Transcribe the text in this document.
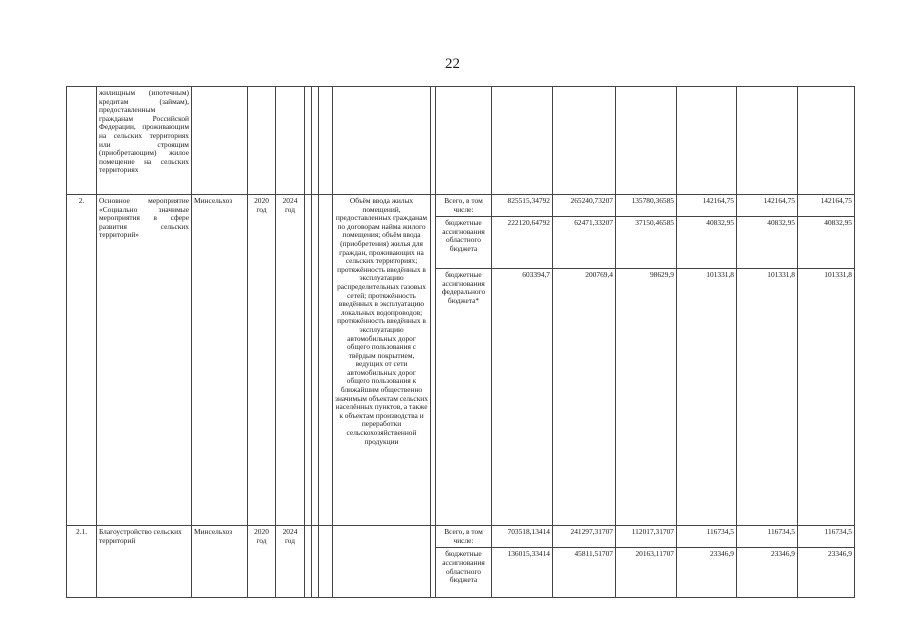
22
	жилищным (ипотечным) кредитам (займам), предоставленным гражданам Российской Федерации, проживающим на сельских территориях или строящим (приобретающим) жилое помещение на сельских территориях															
2.	Основное мероприятие «Социально значимые мероприятия в сфере развития сельских территорий»	Минсельхоз	2020 год	2024 год				Объём ввода жилых помещений, предоставленных гражданам по договорам найма жилого помещения; объём ввода (приобретения) жилья для граждан, проживающих на сельских территориях; протяжённость введённых в эксплуатацию распределительных газовых сетей; протяжённость введённых в эксплуатацию локальных водопроводов; протяжённость введённых в эксплуатацию автомобильных дорог общего пользования с твёрдым покрытием, ведущих от сети автомобильных дорог общего пользования к ближайшим общественно значимым объектам сельских населённых пунктов, а также к объектам производства и переработки сельскохозяйственной продукции		Всего, в том числе:	825515,34792	265240,73207	135780,36585	142164,75	142164,75	142164,75
										бюджетные ассигнования областного бюджета	222120,64792	62471,33207	37150,46585	40832,95	40832,95	40832,95
										бюджетные ассигнования федерального бюджета*	603394,7	200769,4	98629,9	101331,8	101331,8	101331,8
2.1.	Благоустройство сельских территорий	Минсельхоз	2020 год	2024 год						Всего, в том числе:	703518,13414	241297,31707	112017,31707	116734,5	116734,5	116734,5
										бюджетные ассигнования областного бюджета	136015,33414	45811,51707	20163,11707	23346,9	23346,9	23346,9
